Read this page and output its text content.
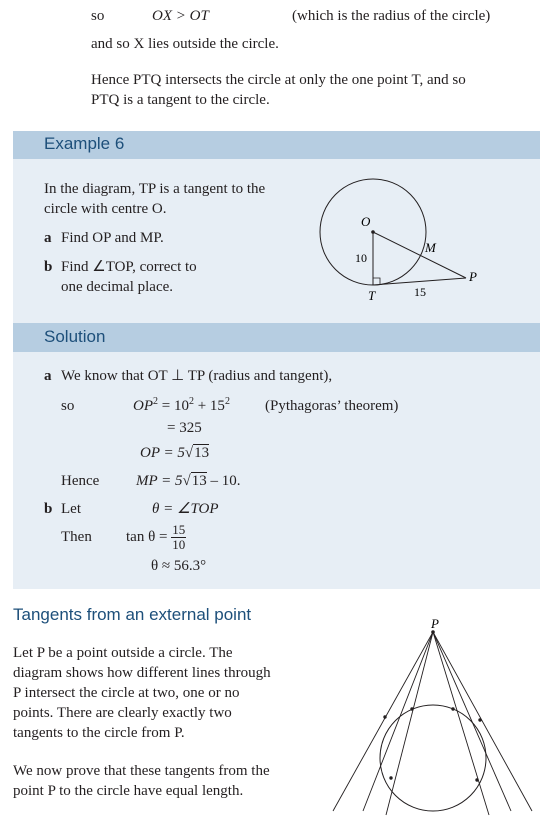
so	OX > OT	(which is the radius of the circle)
and so X lies outside the circle.
Hence PTQ intersects the circle at only the one point T, and so
PTQ is a tangent to the circle.
Example 6
In the diagram, TP is a tangent to the
circle with centre O.
a Find OP and MP.
b Find ∠TOP, correct to
one decimal place.
O
M
P
T
10
15
Solution
a We know that OT ⊥ TP (radius and tangent),
so	$OP^2 = 10^2 + 15^2$ (Pythagoras’ theorem)
= 325
OP = 5√13
Hence MP = 5√13 – 10.
b Let	θ = ∠TOP
Then $\tan \theta = \frac{15}{10}$
θ ≈ 56.3°
Tangents from an external point
Let P be a point outside a circle. The
diagram shows how different lines through
P intersect the circle at two, one or no
points. There are clearly exactly two
tangents to the circle from P.
We now prove that these tangents from the
point P to the circle have equal length.
P
